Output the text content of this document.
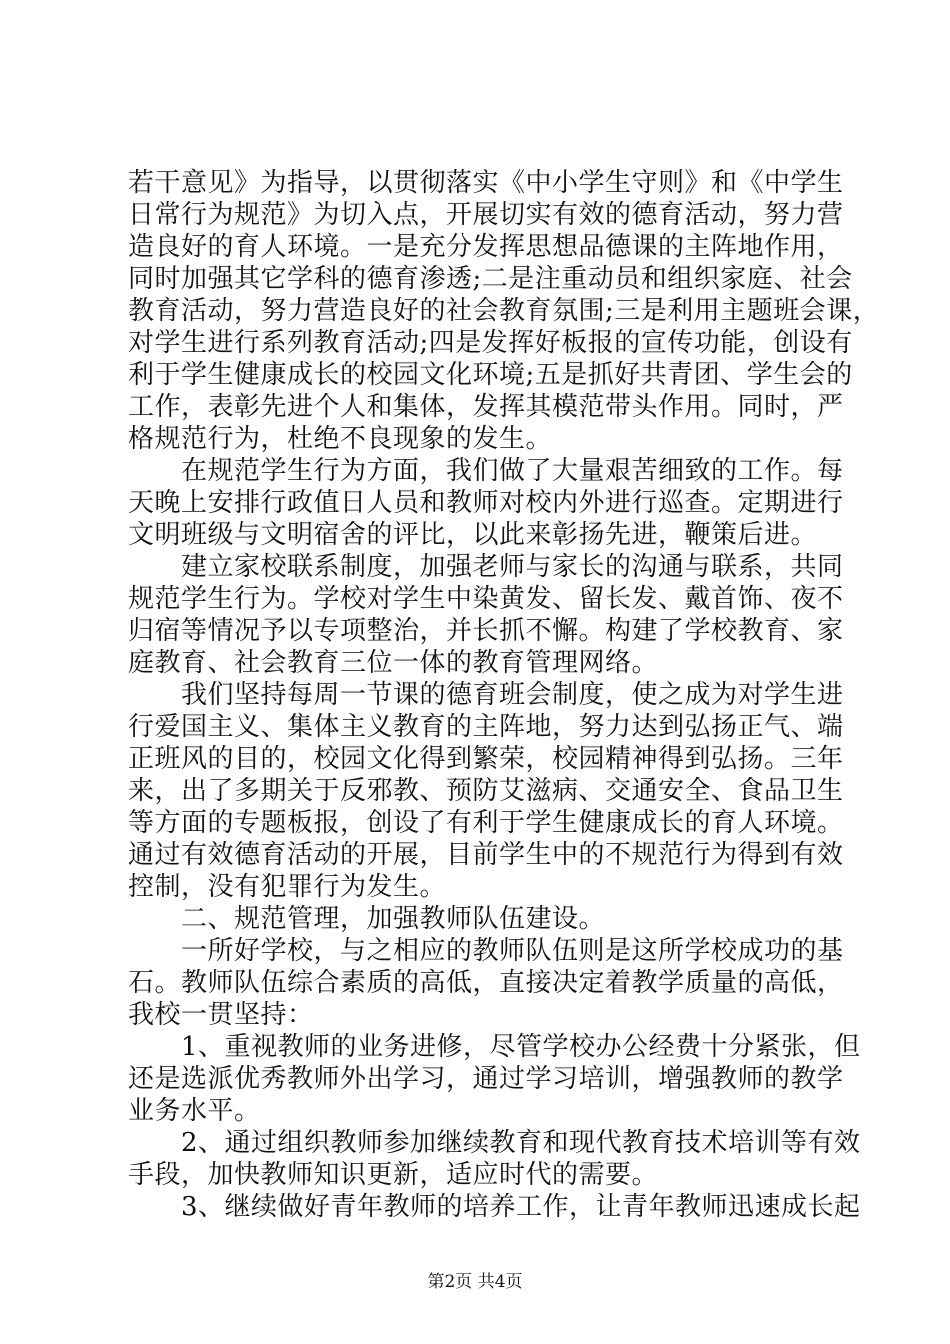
若干意见》为指导，以贯彻落实《中小学生守则》和《中学生
日常行为规范》为切入点，开展切实有效的德育活动，努力营
造良好的育人环境。一是充分发挥思想品德课的主阵地作用，
同时加强其它学科的德育渗透;二是注重动员和组织家庭、社会
教育活动，努力营造良好的社会教育氛围;三是利用主题班会课，
对学生进行系列教育活动;四是发挥好板报的宣传功能，创设有
利于学生健康成长的校园文化环境;五是抓好共青团、学生会的
工作，表彰先进个人和集体，发挥其模范带头作用。同时，严
格规范行为，杜绝不良现象的发生。
　　在规范学生行为方面，我们做了大量艰苦细致的工作。每
天晚上安排行政值日人员和教师对校内外进行巡查。定期进行
文明班级与文明宿舍的评比，以此来彰扬先进，鞭策后进。
　　建立家校联系制度，加强老师与家长的沟通与联系，共同
规范学生行为。学校对学生中染黄发、留长发、戴首饰、夜不
归宿等情况予以专项整治，并长抓不懈。构建了学校教育、家
庭教育、社会教育三位一体的教育管理网络。
　　我们坚持每周一节课的德育班会制度，使之成为对学生进
行爱国主义、集体主义教育的主阵地，努力达到弘扬正气、端
正班风的目的，校园文化得到繁荣，校园精神得到弘扬。三年
来，出了多期关于反邪教、预防艾滋病、交通安全、食品卫生
等方面的专题板报，创设了有利于学生健康成长的育人环境。
通过有效德育活动的开展，目前学生中的不规范行为得到有效
控制，没有犯罪行为发生。
　　二、规范管理，加强教师队伍建设。
　　一所好学校，与之相应的教师队伍则是这所学校成功的基
石。教师队伍综合素质的高低，直接决定着教学质量的高低，
我校一贯坚持：
　　1、重视教师的业务进修，尽管学校办公经费十分紧张，但
还是选派优秀教师外出学习，通过学习培训，增强教师的教学
业务水平。
　　2、通过组织教师参加继续教育和现代教育技术培训等有效
手段，加快教师知识更新，适应时代的需要。
　　3、继续做好青年教师的培养工作，让青年教师迅速成长起
第2页 共4页
